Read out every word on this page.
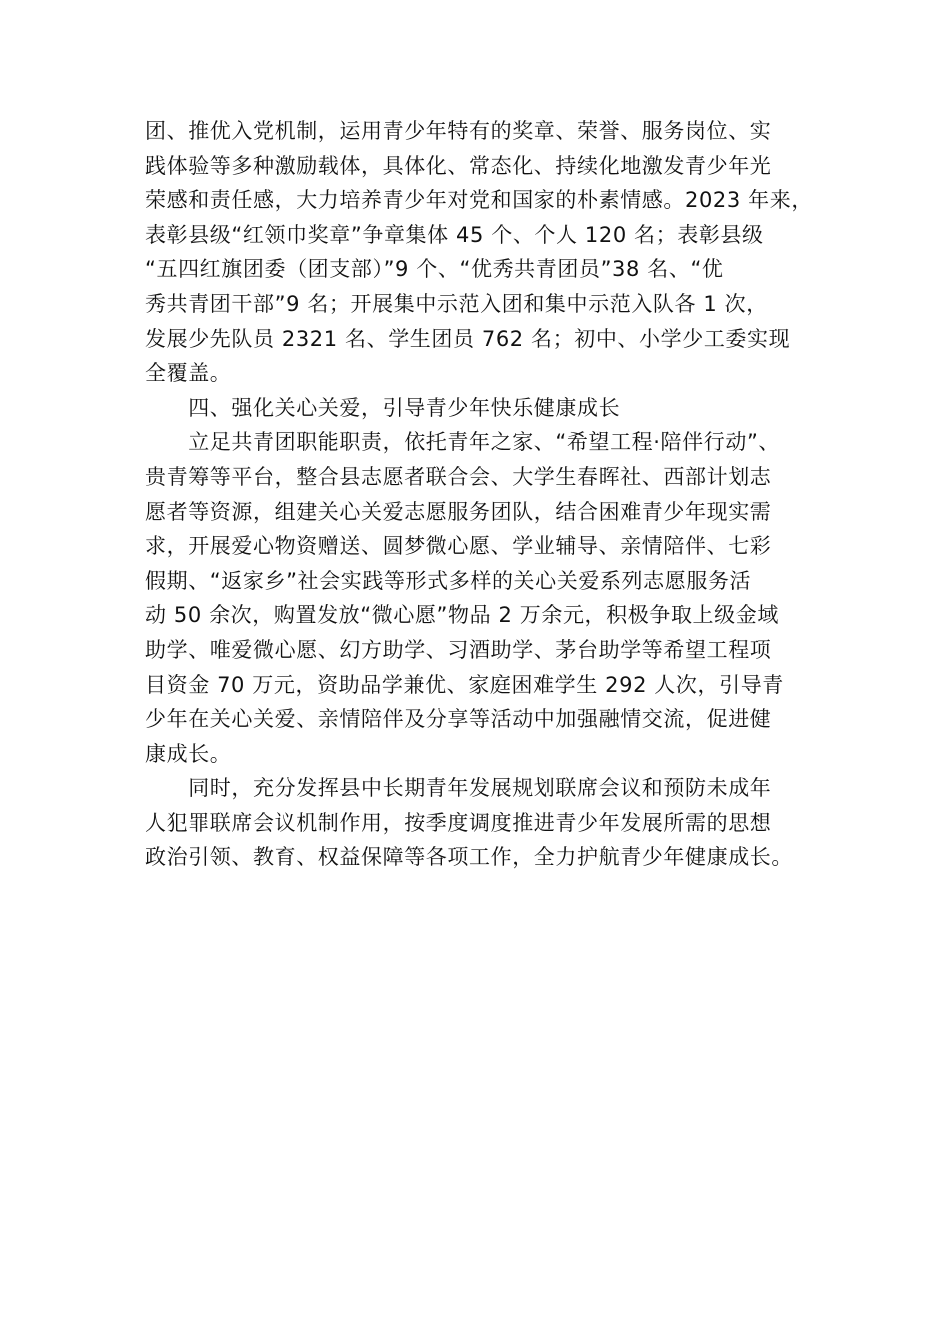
团、推优入党机制，运用青少年特有的奖章、荣誉、服务岗位、实
践体验等多种激励载体，具体化、常态化、持续化地激发青少年光
荣感和责任感，大力培养青少年对党和国家的朴素情感。2023 年来，
表彰县级“红领巾奖章”争章集体 45 个、个人 120 名；表彰县级
“五四红旗团委（团支部）”9 个、“优秀共青团员”38 名、“优
秀共青团干部”9 名；开展集中示范入团和集中示范入队各 1 次，
发展少先队员 2321 名、学生团员 762 名；初中、小学少工委实现
全覆盖。
　　四、强化关心关爱，引导青少年快乐健康成长
　　立足共青团职能职责，依托青年之家、“希望工程·陪伴行动”、
贵青筹等平台，整合县志愿者联合会、大学生春晖社、西部计划志
愿者等资源，组建关心关爱志愿服务团队，结合困难青少年现实需
求，开展爱心物资赠送、圆梦微心愿、学业辅导、亲情陪伴、七彩
假期、“返家乡”社会实践等形式多样的关心关爱系列志愿服务活
动 50 余次，购置发放“微心愿”物品 2 万余元，积极争取上级金域
助学、唯爱微心愿、幻方助学、习酒助学、茅台助学等希望工程项
目资金 70 万元，资助品学兼优、家庭困难学生 292 人次，引导青
少年在关心关爱、亲情陪伴及分享等活动中加强融情交流，促进健
康成长。
　　同时，充分发挥县中长期青年发展规划联席会议和预防未成年
人犯罪联席会议机制作用，按季度调度推进青少年发展所需的思想
政治引领、教育、权益保障等各项工作，全力护航青少年健康成长。
